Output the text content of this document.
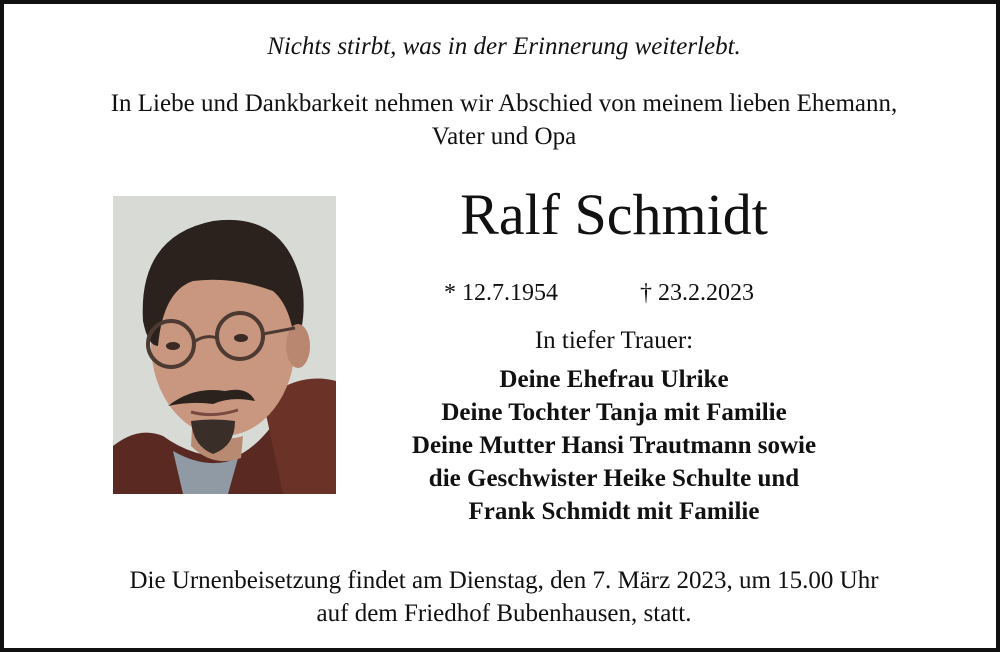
Nichts stirbt, was in der Erinnerung weiterlebt.
In Liebe und Dankbarkeit nehmen wir Abschied von meinem lieben Ehemann,
Vater und Opa
Ralf Schmidt
* 12.7.1954	† 23.2.2023
In tiefer Trauer:
Deine Ehefrau Ulrike
Deine Tochter Tanja mit Familie
Deine Mutter Hansi Trautmann sowie
die Geschwister Heike Schulte und
Frank Schmidt mit Familie
Die Urnenbeisetzung findet am Dienstag, den 7. März 2023, um 15.00 Uhr
auf dem Friedhof Bubenhausen, statt.
